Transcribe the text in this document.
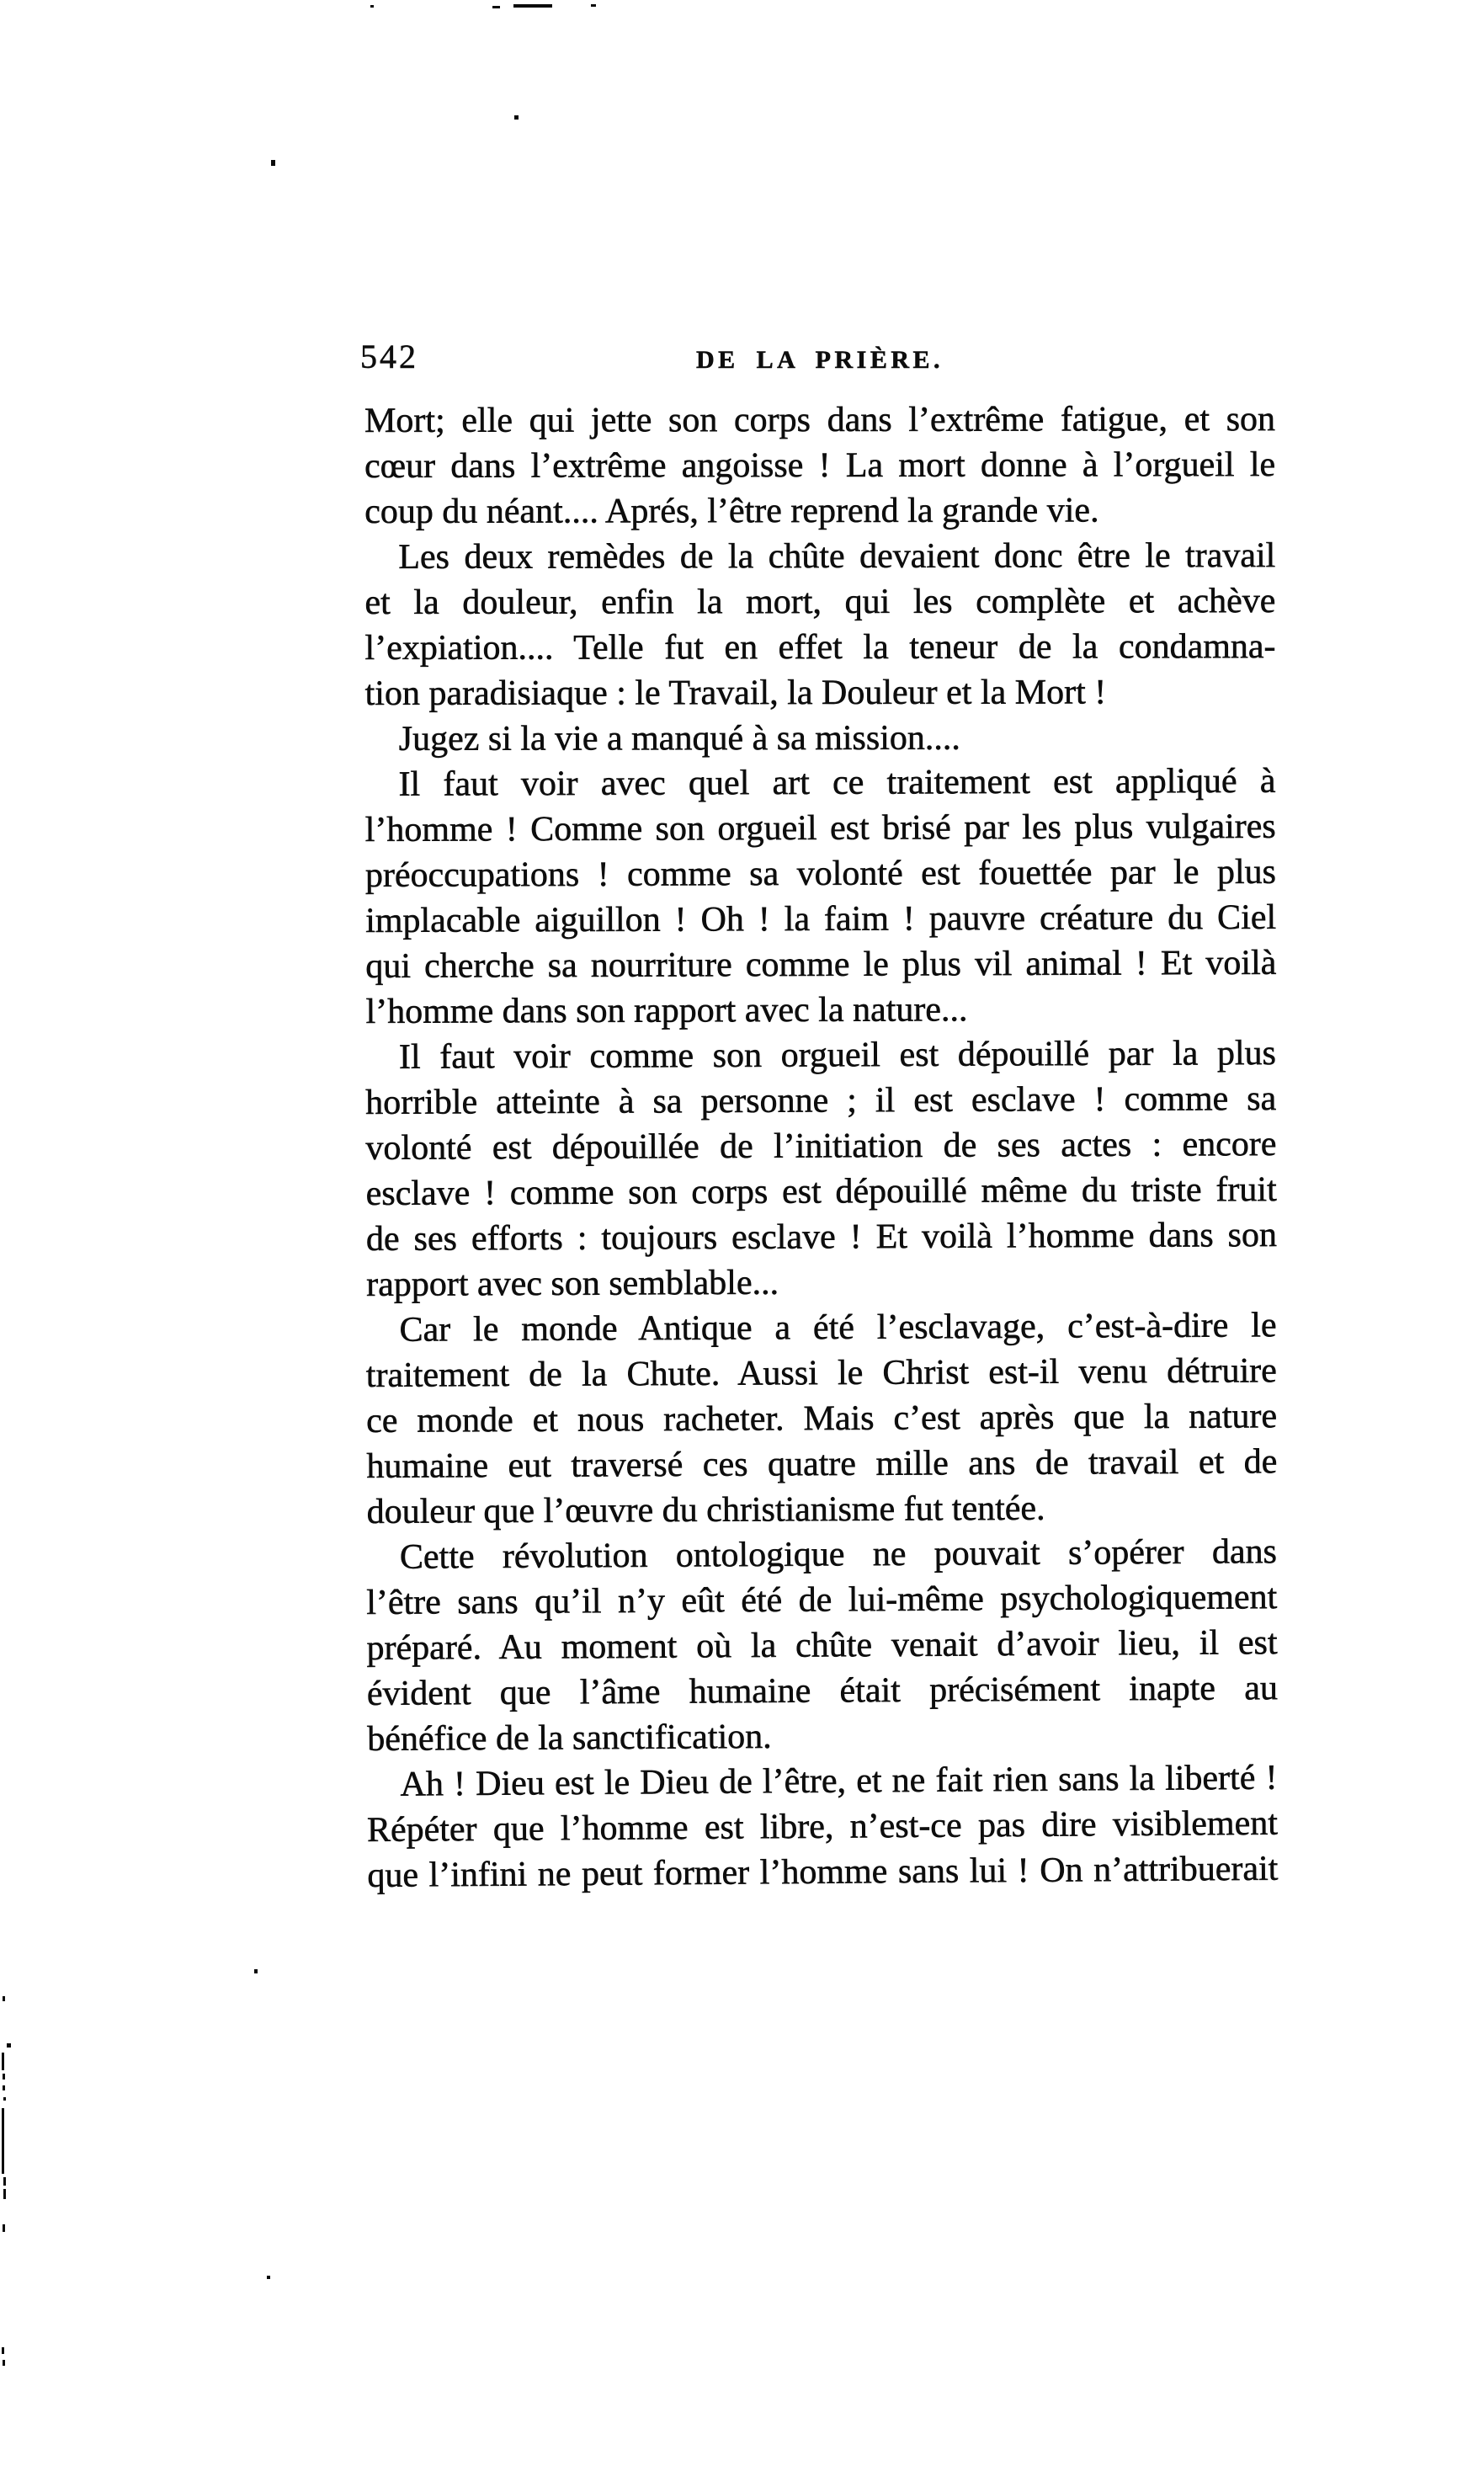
542	DE LA PRIÈRE.
Mort; elle qui jette son corps dans l’extrême fatigue, et son
cœur dans l’extrême angoisse ! La mort donne à l’orgueil le
coup du néant.... Aprés, l’être reprend la grande vie.
Les deux remèdes de la chûte devaient donc être le travail
et la douleur, enfin la mort, qui les complète et achève
l’expiation.... Telle fut en effet la teneur de la condamna-
tion paradisiaque : le Travail, la Douleur et la Mort !
Jugez si la vie a manqué à sa mission....
Il faut voir avec quel art ce traitement est appliqué à
l’homme ! Comme son orgueil est brisé par les plus vulgaires
préoccupations ! comme sa volonté est fouettée par le plus
implacable aiguillon ! Oh ! la faim ! pauvre créature du Ciel
qui cherche sa nourriture comme le plus vil animal ! Et voilà
l’homme dans son rapport avec la nature...
Il faut voir comme son orgueil est dépouillé par la plus
horrible atteinte à sa personne ; il est esclave ! comme sa
volonté est dépouillée de l’initiation de ses actes : encore
esclave ! comme son corps est dépouillé même du triste fruit
de ses efforts : toujours esclave ! Et voilà l’homme dans son
rapport avec son semblable...
Car le monde Antique a été l’esclavage, c’est-à-dire le
traitement de la Chute. Aussi le Christ est-il venu détruire
ce monde et nous racheter. Mais c’est après que la nature
humaine eut traversé ces quatre mille ans de travail et de
douleur que l’œuvre du christianisme fut tentée.
Cette révolution ontologique ne pouvait s’opérer dans
l’être sans qu’il n’y eût été de lui-même psychologiquement
préparé. Au moment où la chûte venait d’avoir lieu, il est
évident que l’âme humaine était précisément inapte au
bénéfice de la sanctification.
Ah ! Dieu est le Dieu de l’être, et ne fait rien sans la liberté !
Répéter que l’homme est libre, n’est-ce pas dire visiblement
que l’infini ne peut former l’homme sans lui ! On n’attribuerait
